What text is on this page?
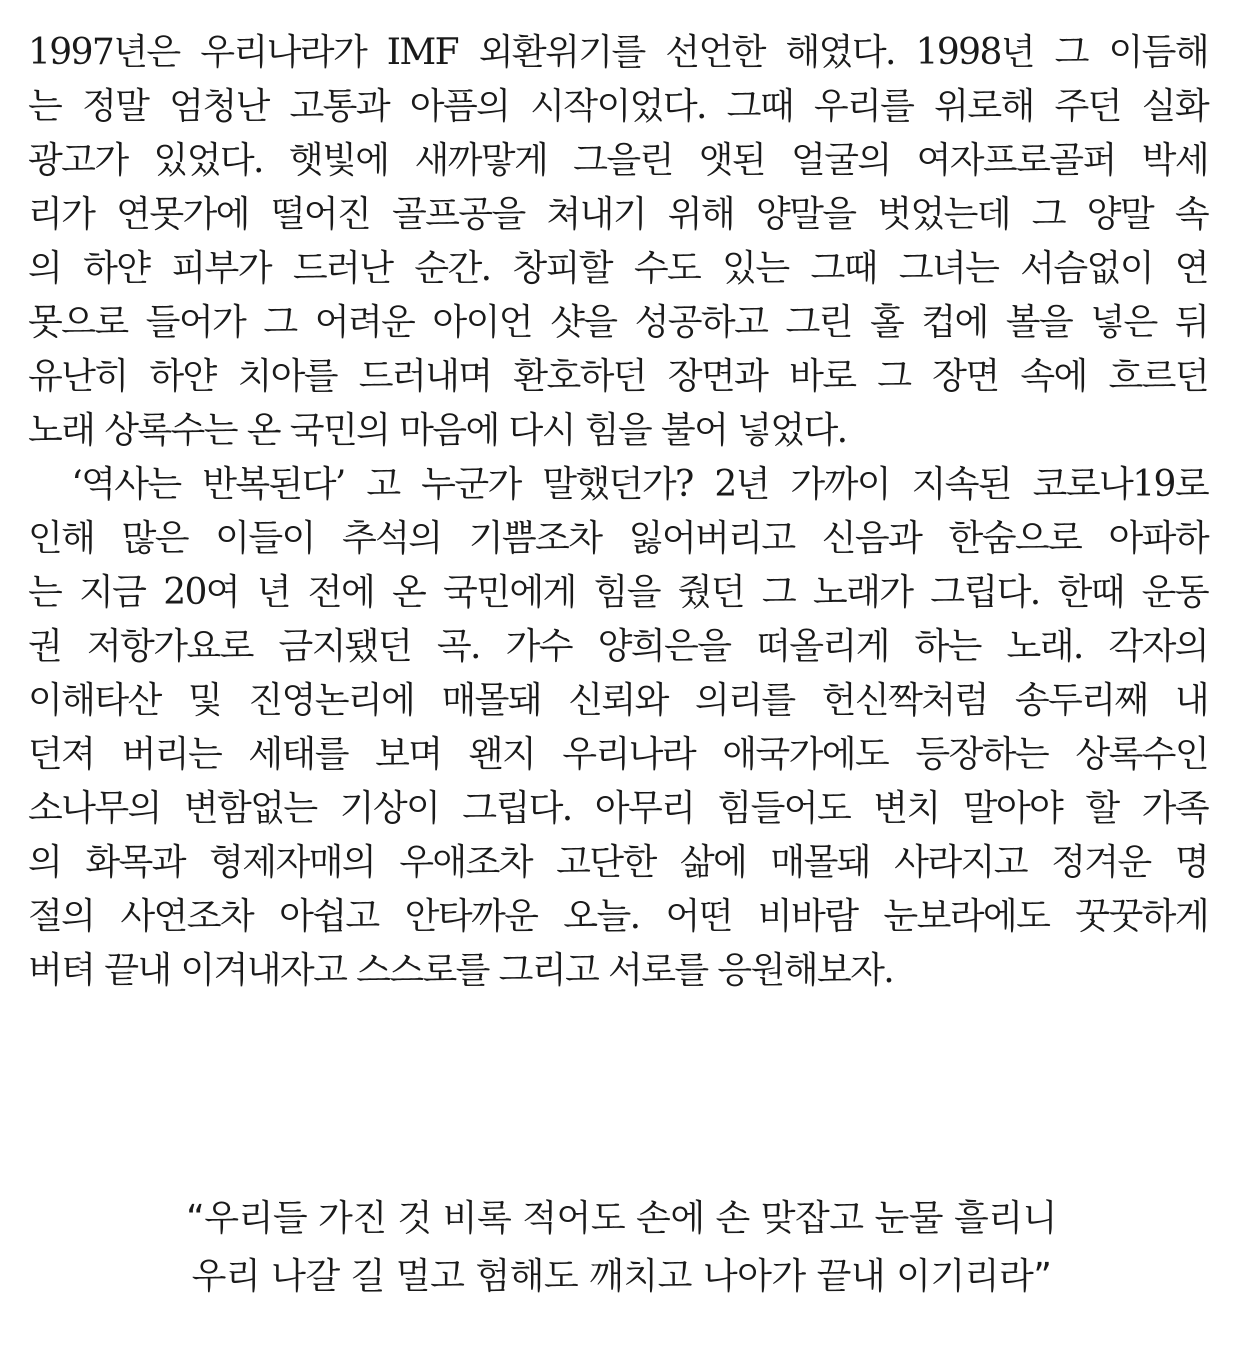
1997년은 우리나라가 IMF 외환위기를 선언한 해였다. 1998년 그 이듬해
는 정말 엄청난 고통과 아픔의 시작이었다. 그때 우리를 위로해 주던 실화
광고가 있었다. 햇빛에 새까맣게 그을린 앳된 얼굴의 여자프로골퍼 박세
리가 연못가에 떨어진 골프공을 쳐내기 위해 양말을 벗었는데 그 양말 속
의 하얀 피부가 드러난 순간. 창피할 수도 있는 그때 그녀는 서슴없이 연
못으로 들어가 그 어려운 아이언 샷을 성공하고 그린 홀 컵에 볼을 넣은 뒤
유난히 하얀 치아를 드러내며 환호하던 장면과 바로 그 장면 속에 흐르던
노래 상록수는 온 국민의 마음에 다시 힘을 불어 넣었다.
‘역사는 반복된다’ 고 누군가 말했던가? 2년 가까이 지속된 코로나19로
인해 많은 이들이 추석의 기쁨조차 잃어버리고 신음과 한숨으로 아파하
는 지금 20여 년 전에 온 국민에게 힘을 줬던 그 노래가 그립다. 한때 운동
권 저항가요로 금지됐던 곡. 가수 양희은을 떠올리게 하는 노래. 각자의
이해타산 및 진영논리에 매몰돼 신뢰와 의리를 헌신짝처럼 송두리째 내
던져 버리는 세태를 보며 왠지 우리나라 애국가에도 등장하는 상록수인
소나무의 변함없는 기상이 그립다. 아무리 힘들어도 변치 말아야 할 가족
의 화목과 형제자매의 우애조차 고단한 삶에 매몰돼 사라지고 정겨운 명
절의 사연조차 아쉽고 안타까운 오늘. 어떤 비바람 눈보라에도 꿋꿋하게
버텨 끝내 이겨내자고 스스로를 그리고 서로를 응원해보자.
“우리들 가진 것 비록 적어도 손에 손 맞잡고 눈물 흘리니
우리 나갈 길 멀고 험해도 깨치고 나아가 끝내 이기리라”
